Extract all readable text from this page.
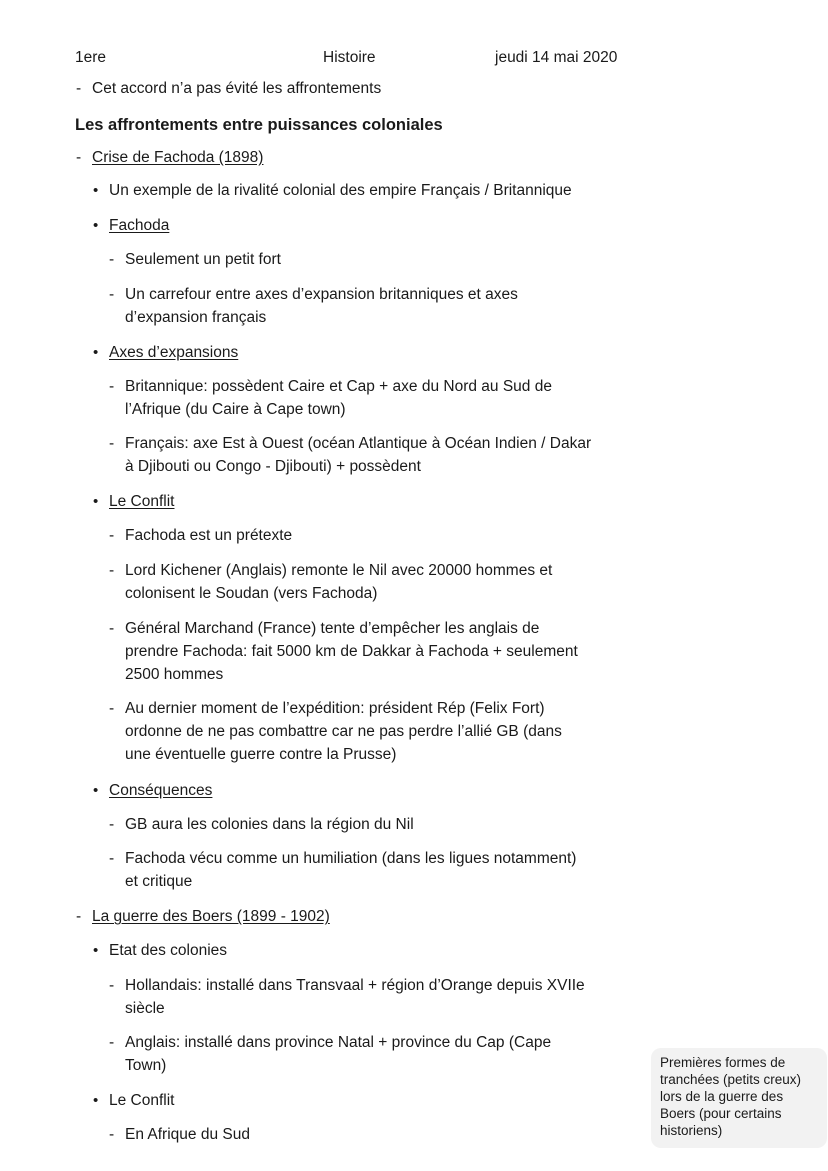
1ere	Histoire	jeudi 14 mai 2020
- Cet accord n’a pas évité les affrontements
Les affrontements entre puissances coloniales
- Crise de Fachoda (1898)
• Un exemple de la rivalité colonial des empire Français / Britannique
• Fachoda
- Seulement un petit fort
- Un carrefour entre axes d’expansion britanniques et axes
d’expansion français
• Axes d’expansions
- Britannique: possèdent Caire et Cap + axe du Nord au Sud de
l’Afrique (du Caire à Cape town)
- Français: axe Est à Ouest (océan Atlantique à Océan Indien / Dakar
à Djibouti ou Congo - Djibouti) + possèdent
• Le Conflit
- Fachoda est un prétexte
- Lord Kichener (Anglais) remonte le Nil avec 20000 hommes et
colonisent le Soudan (vers Fachoda)
- Général Marchand (France) tente d’empêcher les anglais de
prendre Fachoda: fait 5000 km de Dakkar à Fachoda + seulement
2500 hommes
- Au dernier moment de l’expédition: président Rép (Felix Fort)
ordonne de ne pas combattre car ne pas perdre l’allié GB (dans
une éventuelle guerre contre la Prusse)
• Conséquences
- GB aura les colonies dans la région du Nil
- Fachoda vécu comme un humiliation (dans les ligues notamment)
et critique
- La guerre des Boers (1899 - 1902)
• Etat des colonies
- Hollandais: installé dans Transvaal + région d’Orange depuis XVIIe
siècle
- Anglais: installé dans province Natal + province du Cap (Cape
Town)
• Le Conflit
- En Afrique du Sud
Premières formes de
tranchées (petits creux)
lors de la guerre des
Boers (pour certains
historiens)
